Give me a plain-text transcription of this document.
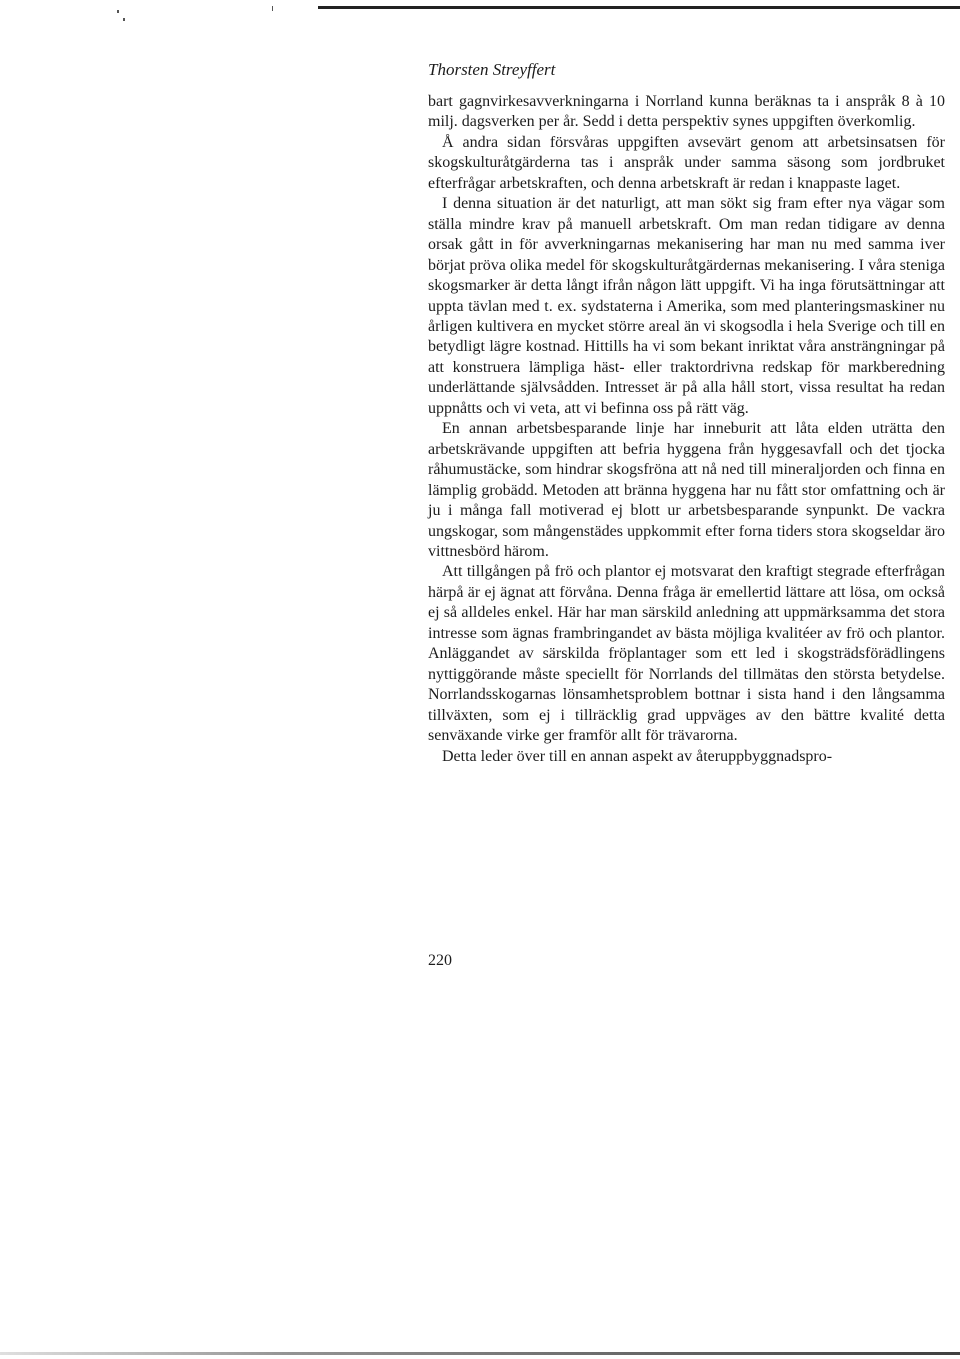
Thorsten Streyffert

bart gagnvirkesavverkningarna i Norrland kunna beräknas ta i anspråk 8 à 10 milj. dagsverken per år. Sedd i detta perspektiv synes uppgiften överkomlig.

Å andra sidan försvåras uppgiften avsevärt genom att arbetsinsatsen för skogskulturåtgärderna tas i anspråk under samma säsong som jordbruket efterfrågar arbetskraften, och denna arbetskraft är redan i knappaste laget.

I denna situation är det naturligt, att man sökt sig fram efter nya vägar som ställa mindre krav på manuell arbetskraft. Om man redan tidigare av denna orsak gått in för avverkningarnas mekanisering har man nu med samma iver börjat pröva olika medel för skogskulturåtgärdernas mekanisering. I våra steniga skogsmarker är detta långt ifrån någon lätt uppgift. Vi ha inga förutsättningar att uppta tävlan med t. ex. sydstaterna i Amerika, som med planteringsmaskiner nu årligen kultivera en mycket större areal än vi skogsodla i hela Sverige och till en betydligt lägre kostnad. Hittills ha vi som bekant inriktat våra ansträngningar på att konstruera lämpliga häst- eller traktordrivna redskap för markberedning underlättande självsådden. Intresset är på alla håll stort, vissa resultat ha redan uppnåtts och vi veta, att vi befinna oss på rätt väg.

En annan arbetsbesparande linje har inneburit att låta elden uträtta den arbetskrävande uppgiften att befria hyggena från hyggesavfall och det tjocka råhumustäcke, som hindrar skogsfröna att nå ned till mineraljorden och finna en lämplig grobädd. Metoden att bränna hyggena har nu fått stor omfattning och är ju i många fall motiverad ej blott ur arbetsbesparande synpunkt. De vackra ungskogar, som mångenstädes uppkommit efter forna tiders stora skogseldar äro vittnesbörd härom.

Att tillgången på frö och plantor ej motsvarat den kraftigt stegrade efterfrågan härpå är ej ägnat att förvåna. Denna fråga är emellertid lättare att lösa, om också ej så alldeles enkel. Här har man särskild anledning att uppmärksamma det stora intresse som ägnas frambringandet av bästa möjliga kvalitéer av frö och plantor. Anläggandet av särskilda fröplantager som ett led i skogsträdsförädlingens nyttiggörande måste speciellt för Norrlands del tillmätas den största betydelse. Norrlandsskogarnas lönsamhetsproblem bottnar i sista hand i den långsamma tillväxten, som ej i tillräcklig grad uppväges av den bättre kvalité detta senväxande virke ger framför allt för trävarorna.

Detta leder över till en annan aspekt av återuppbyggnadspro-

220
